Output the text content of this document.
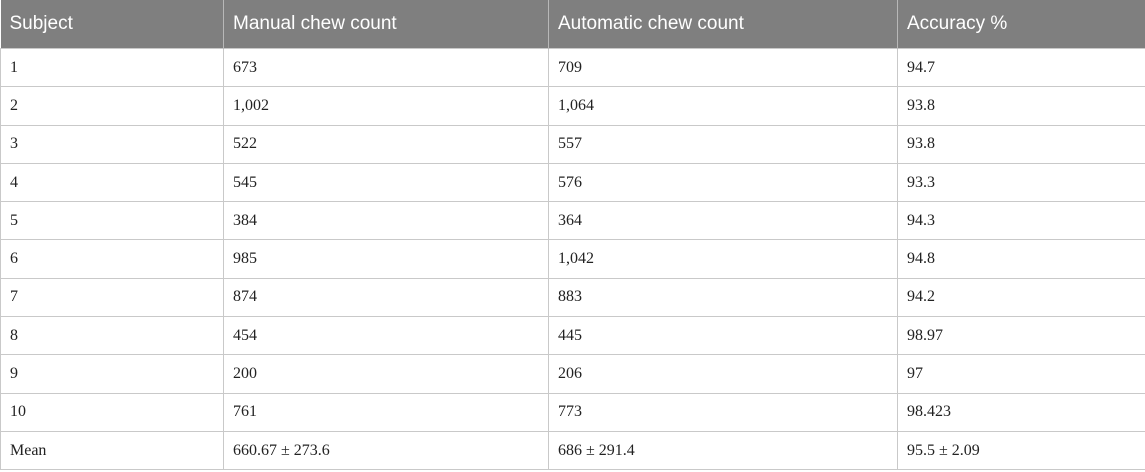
Subject	Manual chew count	Automatic chew count	Accuracy %
1	673	709	94.7
2	1,002	1,064	93.8
3	522	557	93.8
4	545	576	93.3
5	384	364	94.3
6	985	1,042	94.8
7	874	883	94.2
8	454	445	98.97
9	200	206	97
10	761	773	98.423
Mean	660.67 ± 273.6	686 ± 291.4	95.5 ± 2.09
